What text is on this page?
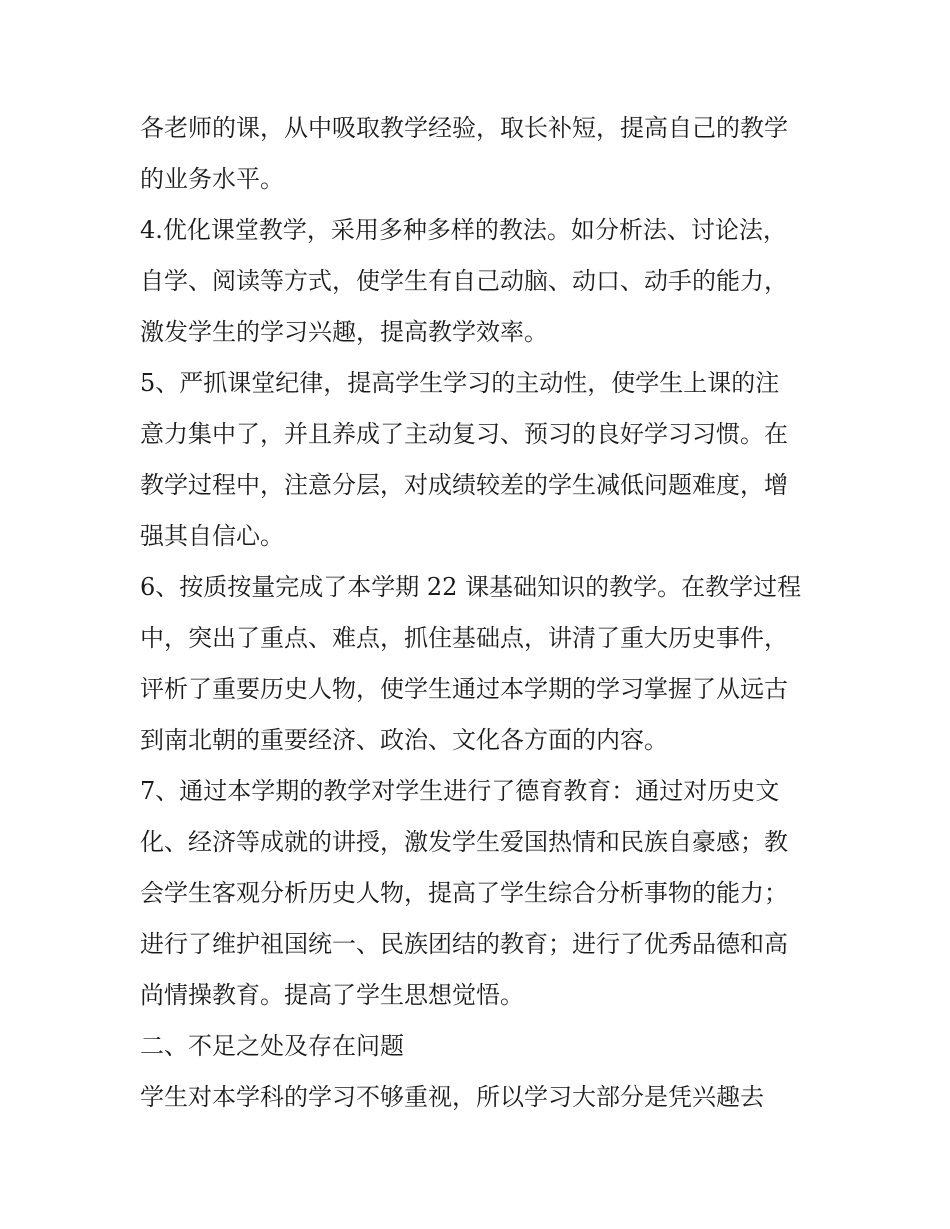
各老师的课，从中吸取教学经验，取长补短，提高自己的教学
的业务水平。
4.优化课堂教学，采用多种多样的教法。如分析法、讨论法，
自学、阅读等方式，使学生有自己动脑、动口、动手的能力，
激发学生的学习兴趣，提高教学效率。
5、严抓课堂纪律，提高学生学习的主动性，使学生上课的注
意力集中了，并且养成了主动复习、预习的良好学习习惯。在
教学过程中，注意分层，对成绩较差的学生减低问题难度，增
强其自信心。
6、按质按量完成了本学期 22 课基础知识的教学。在教学过程
中，突出了重点、难点，抓住基础点，讲清了重大历史事件，
评析了重要历史人物，使学生通过本学期的学习掌握了从远古
到南北朝的重要经济、政治、文化各方面的内容。
7、通过本学期的教学对学生进行了德育教育：通过对历史文
化、经济等成就的讲授，激发学生爱国热情和民族自豪感；教
会学生客观分析历史人物，提高了学生综合分析事物的能力；
进行了维护祖国统一、民族团结的教育；进行了优秀品德和高
尚情操教育。提高了学生思想觉悟。
二、不足之处及存在问题
学生对本学科的学习不够重视，所以学习大部分是凭兴趣去
